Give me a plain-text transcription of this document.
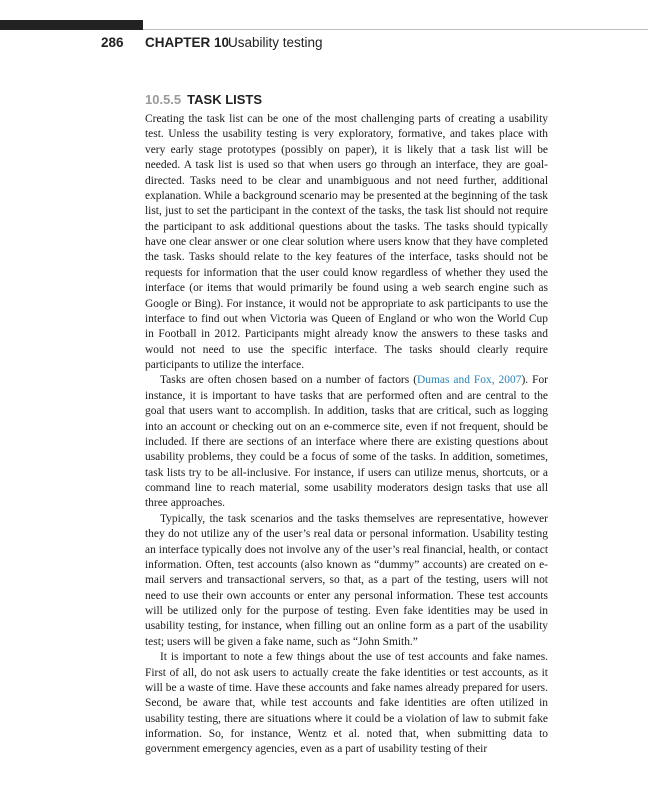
286 CHAPTER 10
Usability testing
10.5.5 TASK LISTS

Creating the task list can be one of the most challenging parts of creating a usability test. Unless the usability testing is very exploratory, formative, and takes place with very early stage prototypes (possibly on paper), it is likely that a task list will be needed. A task list is used so that when users go through an interface, they are goal-directed. Tasks need to be clear and unambiguous and not need further, additional explanation. While a background scenario may be presented at the beginning of the task list, just to set the participant in the context of the tasks, the task list should not require the participant to ask additional questions about the tasks. The tasks should typically have one clear answer or one clear solution where users know that they have completed the task. Tasks should relate to the key features of the interface, tasks should not be requests for information that the user could know regardless of whether they used the interface (or items that would primarily be found using a web search engine such as Google or Bing). For instance, it would not be appropriate to ask participants to use the interface to find out when Victoria was Queen of England or who won the World Cup in Football in 2012. Participants might already know the answers to these tasks and would not need to use the specific interface. The tasks should clearly require participants to utilize the interface.

Tasks are often chosen based on a number of factors (Dumas and Fox, 2007). For instance, it is important to have tasks that are performed often and are central to the goal that users want to accomplish. In addition, tasks that are critical, such as logging into an account or checking out on an e-commerce site, even if not frequent, should be included. If there are sections of an interface where there are existing questions about usability problems, they could be a focus of some of the tasks. In addition, sometimes, task lists try to be all-inclusive. For instance, if users can utilize menus, shortcuts, or a command line to reach material, some usability moderators design tasks that use all three approaches.

Typically, the task scenarios and the tasks themselves are representative, however they do not utilize any of the user’s real data or personal information. Usability testing an interface typically does not involve any of the user’s real financial, health, or contact information. Often, test accounts (also known as “dummy” accounts) are created on e-mail servers and transactional servers, so that, as a part of the testing, users will not need to use their own accounts or enter any personal information. These test accounts will be utilized only for the purpose of testing. Even fake identities may be used in usability testing, for instance, when filling out an online form as a part of the usability test; users will be given a fake name, such as “John Smith.”

It is important to note a few things about the use of test accounts and fake names. First of all, do not ask users to actually create the fake identities or test accounts, as it will be a waste of time. Have these accounts and fake names already prepared for users. Second, be aware that, while test accounts and fake identities are often utilized in usability testing, there are situations where it could be a violation of law to submit fake information. So, for instance, Wentz et al. noted that, when submitting data to government emergency agencies, even as a part of usability testing of their
